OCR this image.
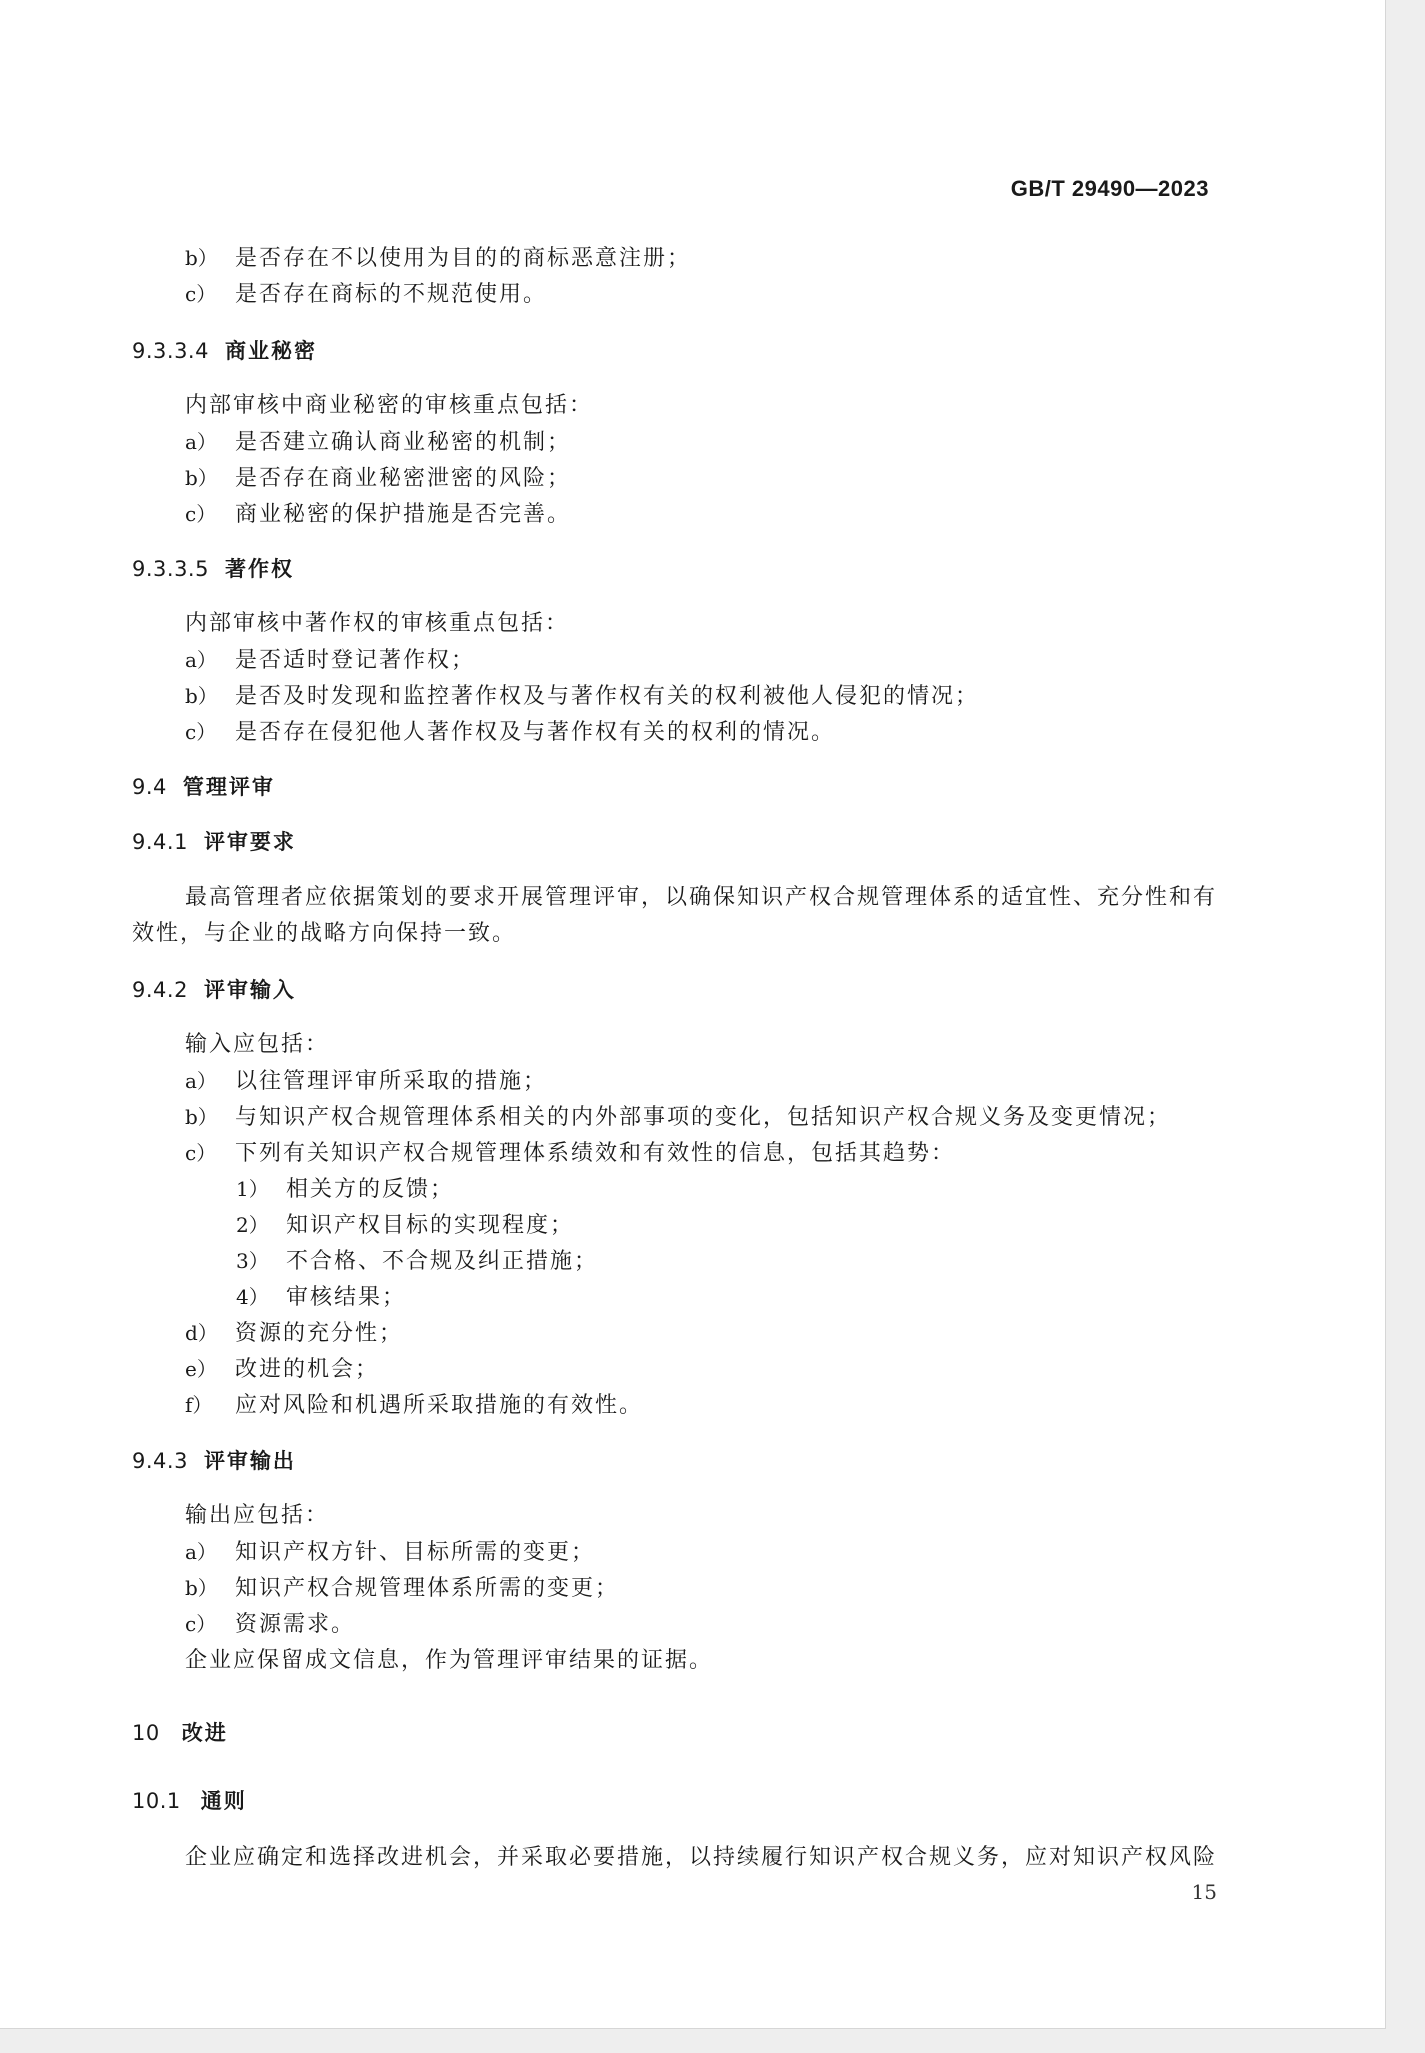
GB/T 29490—2023
b） 是否存在不以使用为目的的商标恶意注册；
c） 是否存在商标的不规范使用。
9.3.3.4 商业秘密
内部审核中商业秘密的审核重点包括：
a） 是否建立确认商业秘密的机制；
b） 是否存在商业秘密泄密的风险；
c） 商业秘密的保护措施是否完善。
9.3.3.5 著作权
内部审核中著作权的审核重点包括：
a） 是否适时登记著作权；
b） 是否及时发现和监控著作权及与著作权有关的权利被他人侵犯的情况；
c） 是否存在侵犯他人著作权及与著作权有关的权利的情况。
9.4 管理评审
9.4.1 评审要求
最高管理者应依据策划的要求开展管理评审，以确保知识产权合规管理体系的适宜性、充分性和有
效性，与企业的战略方向保持一致。
9.4.2 评审输入
输入应包括：
a） 以往管理评审所采取的措施；
b） 与知识产权合规管理体系相关的内外部事项的变化，包括知识产权合规义务及变更情况；
c） 下列有关知识产权合规管理体系绩效和有效性的信息，包括其趋势：
1） 相关方的反馈；
2） 知识产权目标的实现程度；
3） 不合格、不合规及纠正措施；
4） 审核结果；
d） 资源的充分性；
e） 改进的机会；
f） 应对风险和机遇所采取措施的有效性。
9.4.3 评审输出
输出应包括：
a） 知识产权方针、目标所需的变更；
b） 知识产权合规管理体系所需的变更；
c） 资源需求。
企业应保留成文信息，作为管理评审结果的证据。
10 改进
10.1 通则
企业应确定和选择改进机会，并采取必要措施，以持续履行知识产权合规义务，应对知识产权风险
15
